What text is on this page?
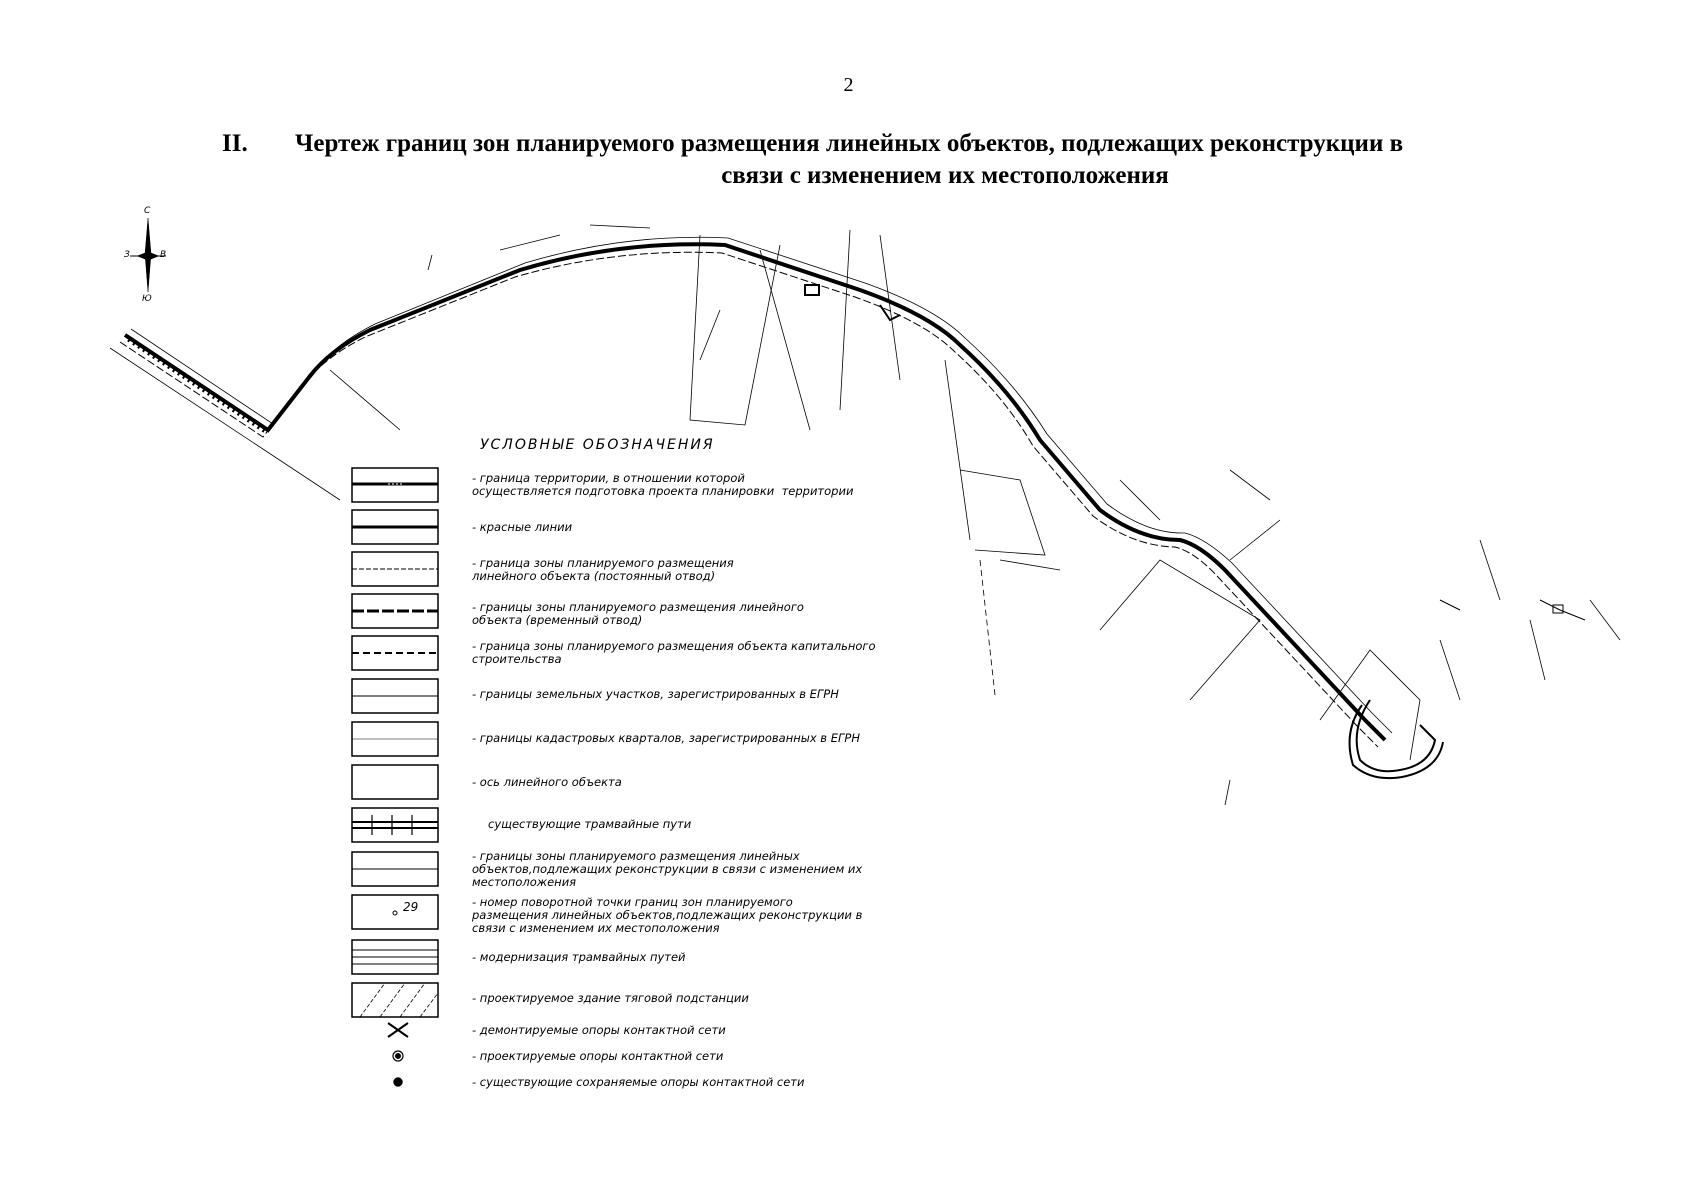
2
II. Чертеж границ зон планируемого размещения линейных объектов, подлежащих реконструкции в
связи с изменением их местоположения
С
З	В
Ю
УСЛОВНЫЕ ОБОЗНАЧЕНИЯ
29
- граница территории, в отношении которой
осуществляется подготовка проекта планировки  территории
- красные линии
- граница зоны планируемого размещения
линейного объекта (постоянный отвод)
- границы зоны планируемого размещения линейного
объекта (временный отвод)
- граница зоны планируемого размещения объекта капитального
строительства
- границы земельных участков, зарегистрированных в ЕГРН
- границы кадастровых кварталов, зарегистрированных в ЕГРН
- ось линейного объекта
существующие трамвайные пути
- границы зоны планируемого размещения линейных
объектов,подлежащих реконструкции в связи с изменением их
местоположения
- номер поворотной точки границ зон планируемого
размещения линейных объектов,подлежащих реконструкции в
связи с изменением их местоположения
- модернизация трамвайных путей
- проектируемое здание тяговой подстанции
- демонтируемые опоры контактной сети
- проектируемые опоры контактной сети
- существующие сохраняемые опоры контактной сети
